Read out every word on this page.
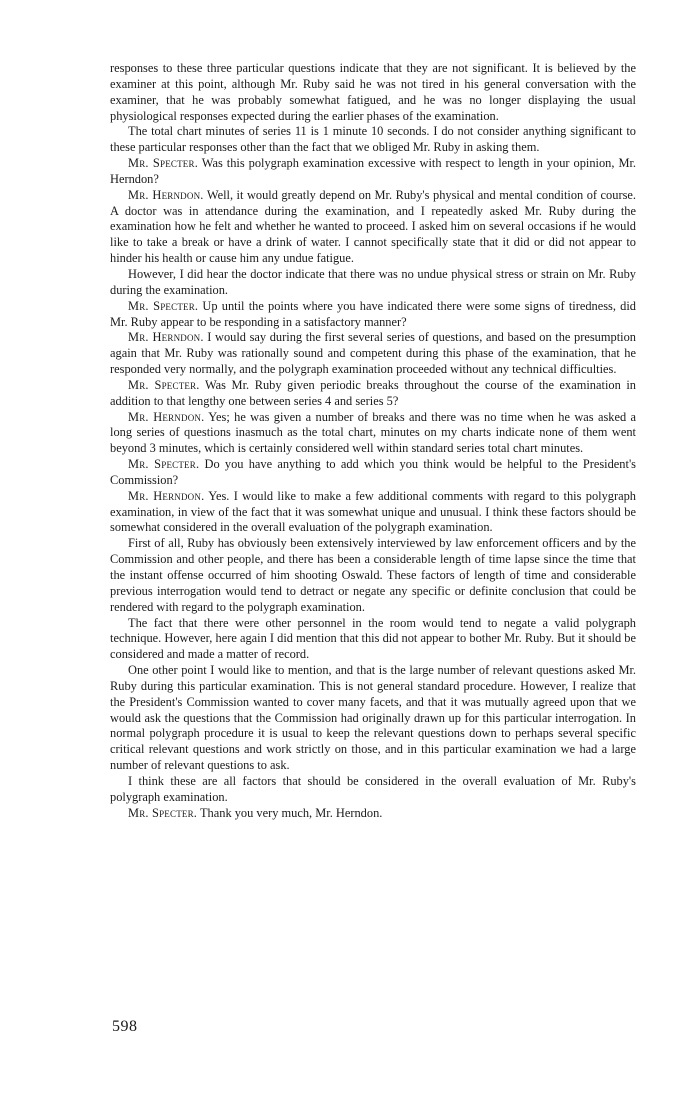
responses to these three particular questions indicate that they are not significant. It is believed by the examiner at this point, although Mr. Ruby said he was not tired in his general conversation with the examiner, that he was probably somewhat fatigued, and he was no longer displaying the usual physiological responses expected during the earlier phases of the examination.

The total chart minutes of series 11 is 1 minute 10 seconds. I do not consider anything significant to these particular responses other than the fact that we obliged Mr. Ruby in asking them.

Mr. Specter. Was this polygraph examination excessive with respect to length in your opinion, Mr. Herndon?

Mr. Herndon. Well, it would greatly depend on Mr. Ruby's physical and mental condition of course. A doctor was in attendance during the examination, and I repeatedly asked Mr. Ruby during the examination how he felt and whether he wanted to proceed. I asked him on several occasions if he would like to take a break or have a drink of water. I cannot specifically state that it did or did not appear to hinder his health or cause him any undue fatigue.

However, I did hear the doctor indicate that there was no undue physical stress or strain on Mr. Ruby during the examination.

Mr. Specter. Up until the points where you have indicated there were some signs of tiredness, did Mr. Ruby appear to be responding in a satisfactory manner?

Mr. Herndon. I would say during the first several series of questions, and based on the presumption again that Mr. Ruby was rationally sound and competent during this phase of the examination, that he responded very normally, and the polygraph examination proceeded without any technical difficulties.

Mr. Specter. Was Mr. Ruby given periodic breaks throughout the course of the examination in addition to that lengthy one between series 4 and series 5?

Mr. Herndon. Yes; he was given a number of breaks and there was no time when he was asked a long series of questions inasmuch as the total chart, minutes on my charts indicate none of them went beyond 3 minutes, which is certainly considered well within standard series total chart minutes.

Mr. Specter. Do you have anything to add which you think would be helpful to the President's Commission?

Mr. Herndon. Yes. I would like to make a few additional comments with regard to this polygraph examination, in view of the fact that it was somewhat unique and unusual. I think these factors should be somewhat considered in the overall evaluation of the polygraph examination.

First of all, Ruby has obviously been extensively interviewed by law enforcement officers and by the Commission and other people, and there has been a considerable length of time lapse since the time that the instant offense occurred of him shooting Oswald. These factors of length of time and considerable previous interrogation would tend to detract or negate any specific or definite conclusion that could be rendered with regard to the polygraph examination.

The fact that there were other personnel in the room would tend to negate a valid polygraph technique. However, here again I did mention that this did not appear to bother Mr. Ruby. But it should be considered and made a matter of record.

One other point I would like to mention, and that is the large number of relevant questions asked Mr. Ruby during this particular examination. This is not general standard procedure. However, I realize that the President's Commission wanted to cover many facets, and that it was mutually agreed upon that we would ask the questions that the Commission had originally drawn up for this particular interrogation. In normal polygraph procedure it is usual to keep the relevant questions down to perhaps several specific critical relevant questions and work strictly on those, and in this particular examination we had a large number of relevant questions to ask.

I think these are all factors that should be considered in the overall evaluation of Mr. Ruby's polygraph examination.

Mr. Specter. Thank you very much, Mr. Herndon.

598
